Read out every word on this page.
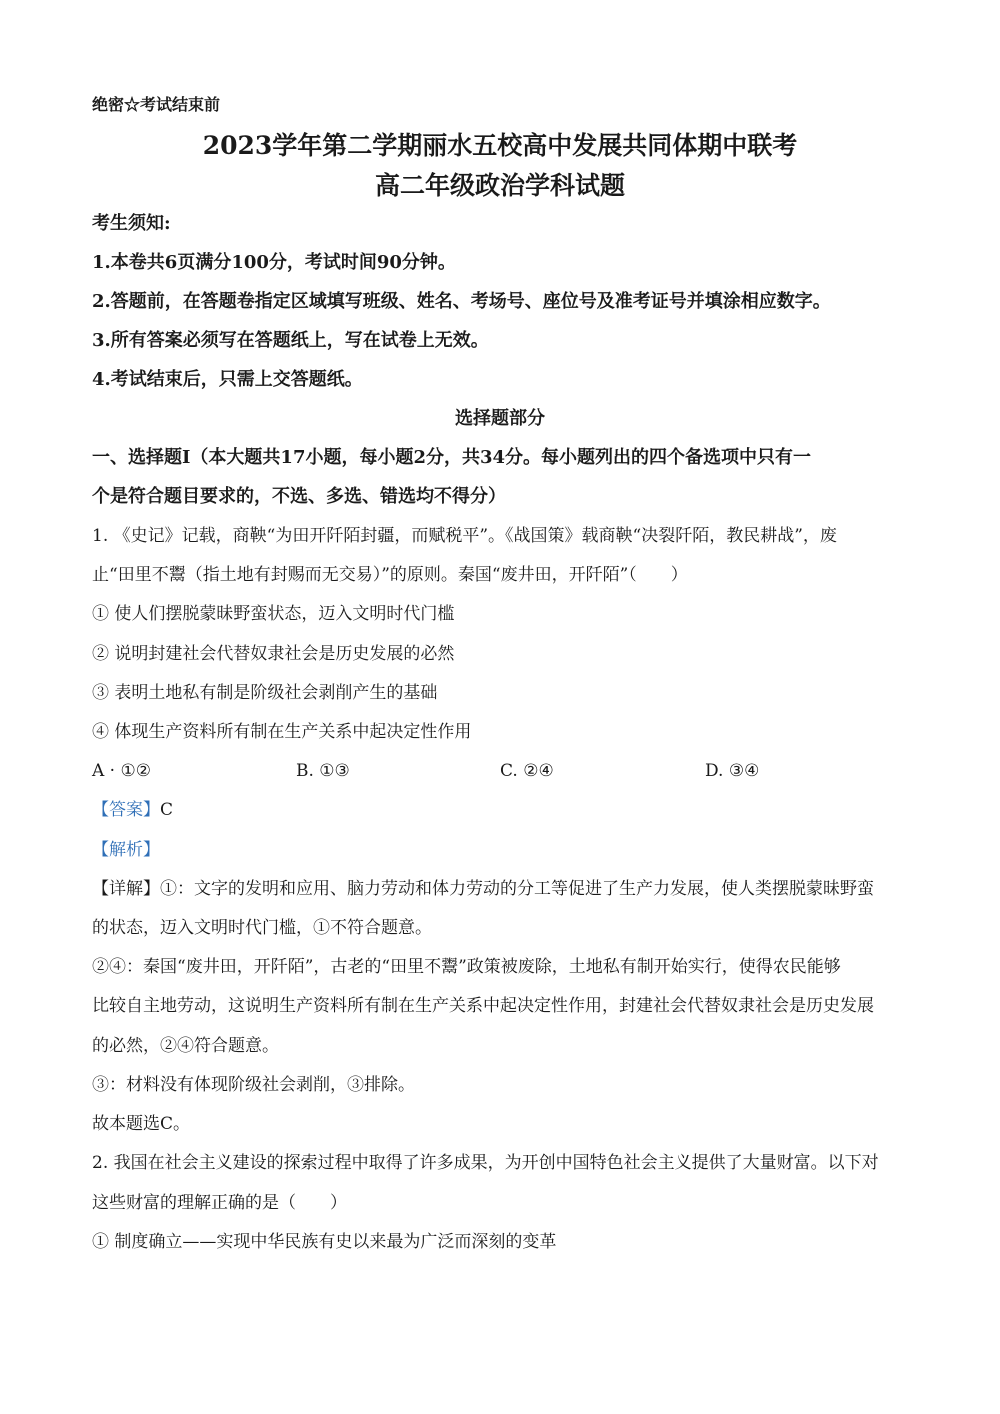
绝密☆考试结束前

2023学年第二学期丽水五校高中发展共同体期中联考

高二年级政治学科试题

考生须知:

1.本卷共6页满分100分，考试时间90分钟。

2.答题前，在答题卷指定区域填写班级、姓名、考场号、座位号及准考证号并填涂相应数字。

3.所有答案必须写在答题纸上，写在试卷上无效。

4.考试结束后，只需上交答题纸。

选择题部分

一、选择题Ⅰ（本大题共17小题，每小题2分，共34分。每小题列出的四个备选项中只有一

个是符合题目要求的，不选、多选、错选均不得分）

1. 《史记》记载，商鞅“为田开阡陌封疆，而赋税平”。《战国策》载商鞅“决裂阡陌，教民耕战”，废

止“田里不鬻（指土地有封赐而无交易）”的原则。秦国“废井田，开阡陌”（　　）

① 使人们摆脱蒙昧野蛮状态，迈入文明时代门槛

② 说明封建社会代替奴隶社会是历史发展的必然

③ 表明土地私有制是阶级社会剥削产生的基础

④ 体现生产资料所有制在生产关系中起决定性作用

A · ①②	B. ①③	C. ②④	D. ③④

【答案】C

【解析】

【详解】①：文字的发明和应用、脑力劳动和体力劳动的分工等促进了生产力发展，使人类摆脱蒙昧野蛮

的状态，迈入文明时代门槛，①不符合题意。

②④：秦国“废井田，开阡陌”，古老的“田里不鬻”政策被废除，土地私有制开始实行，使得农民能够

比较自主地劳动，这说明生产资料所有制在生产关系中起决定性作用，封建社会代替奴隶社会是历史发展

的必然，②④符合题意。

③：材料没有体现阶级社会剥削，③排除。

故本题选C。

2. 我国在社会主义建设的探索过程中取得了许多成果，为开创中国特色社会主义提供了大量财富。以下对

这些财富的理解正确的是（　　）

① 制度确立——实现中华民族有史以来最为广泛而深刻的变革
